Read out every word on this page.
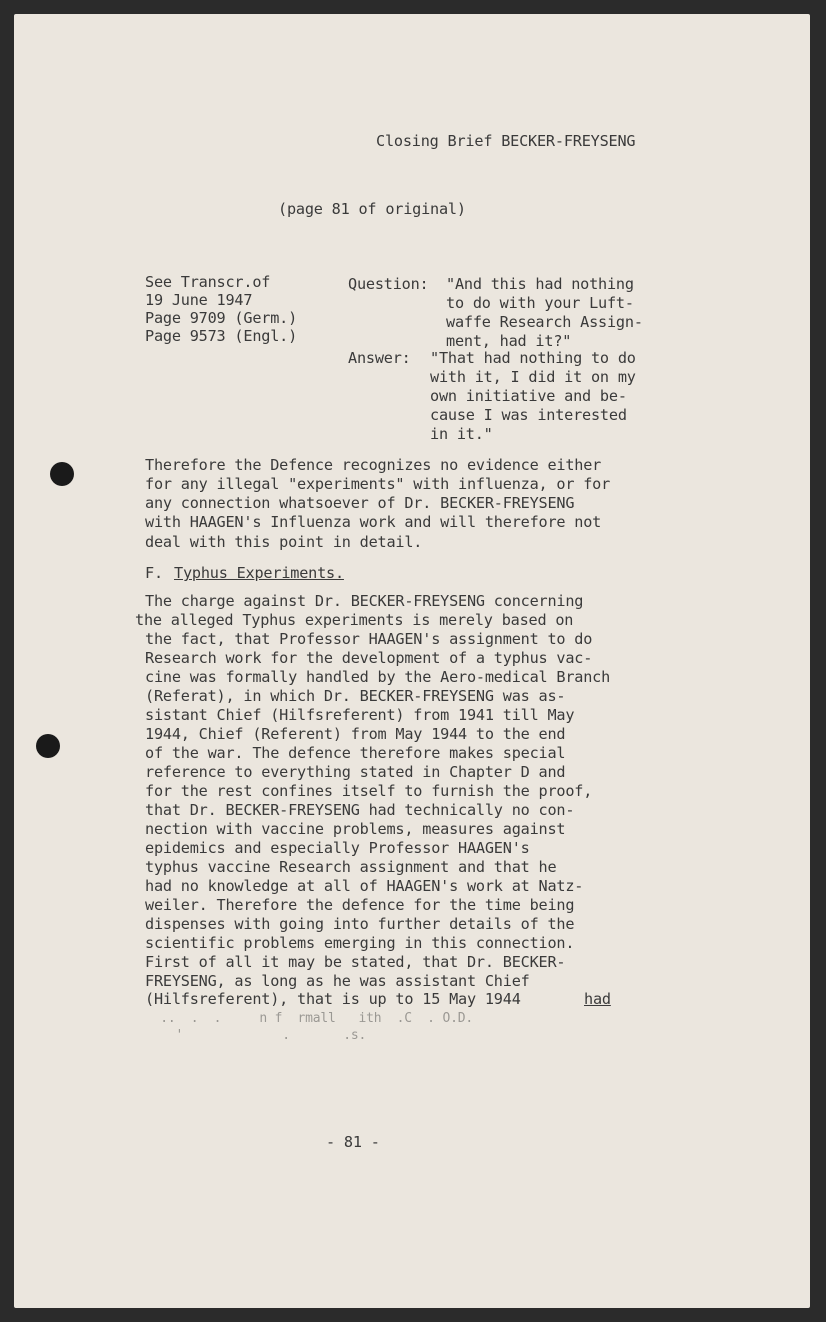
Closing Brief BECKER-FREYSENG
(page 81 of original)
See Transcr.of
19 June 1947
Page 9709 (Germ.)
Page 9573 (Engl.)
Question: "And this had nothing
to do with your Luft-
waffe Research Assign-
ment, had it?"
Answer: "That had nothing to do
with it, I did it on my
own initiative and be-
cause I was interested
in it."
Therefore the Defence recognizes no evidence either
for any illegal "experiments" with influenza, or for
any connection whatsoever of Dr. BECKER-FREYSENG
with HAAGEN's Influenza work and will therefore not
deal with this point in detail.
F. Typhus Experiments.
The charge against Dr. BECKER-FREYSENG concerning
the alleged Typhus experiments is merely based on
the fact, that Professor HAAGEN's assignment to do
Research work for the development of a typhus vac-
cine was formally handled by the Aero-medical Branch
(Referat), in which Dr. BECKER-FREYSENG was as-
sistant Chief (Hilfsreferent) from 1941 till May
1944, Chief (Referent) from May 1944 to the end
of the war. The defence therefore makes special
reference to everything stated in Chapter D and
for the rest confines itself to furnish the proof,
that Dr. BECKER-FREYSENG had technically no con-
nection with vaccine problems, measures against
epidemics and especially Professor HAAGEN's
typhus vaccine Research assignment and that he
had no knowledge at all of HAAGEN's work at Natz-
weiler. Therefore the defence for the time being
dispenses with going into further details of the
scientific problems emerging in this connection.
First of all it may be stated, that Dr. BECKER-
FREYSENG, as long as he was assistant Chief
(Hilfsreferent), that is up to 15 May 1944	had
..  .  .     n f  rmall   ith  .C  . O.D.
'             .       .s.
- 81 -
